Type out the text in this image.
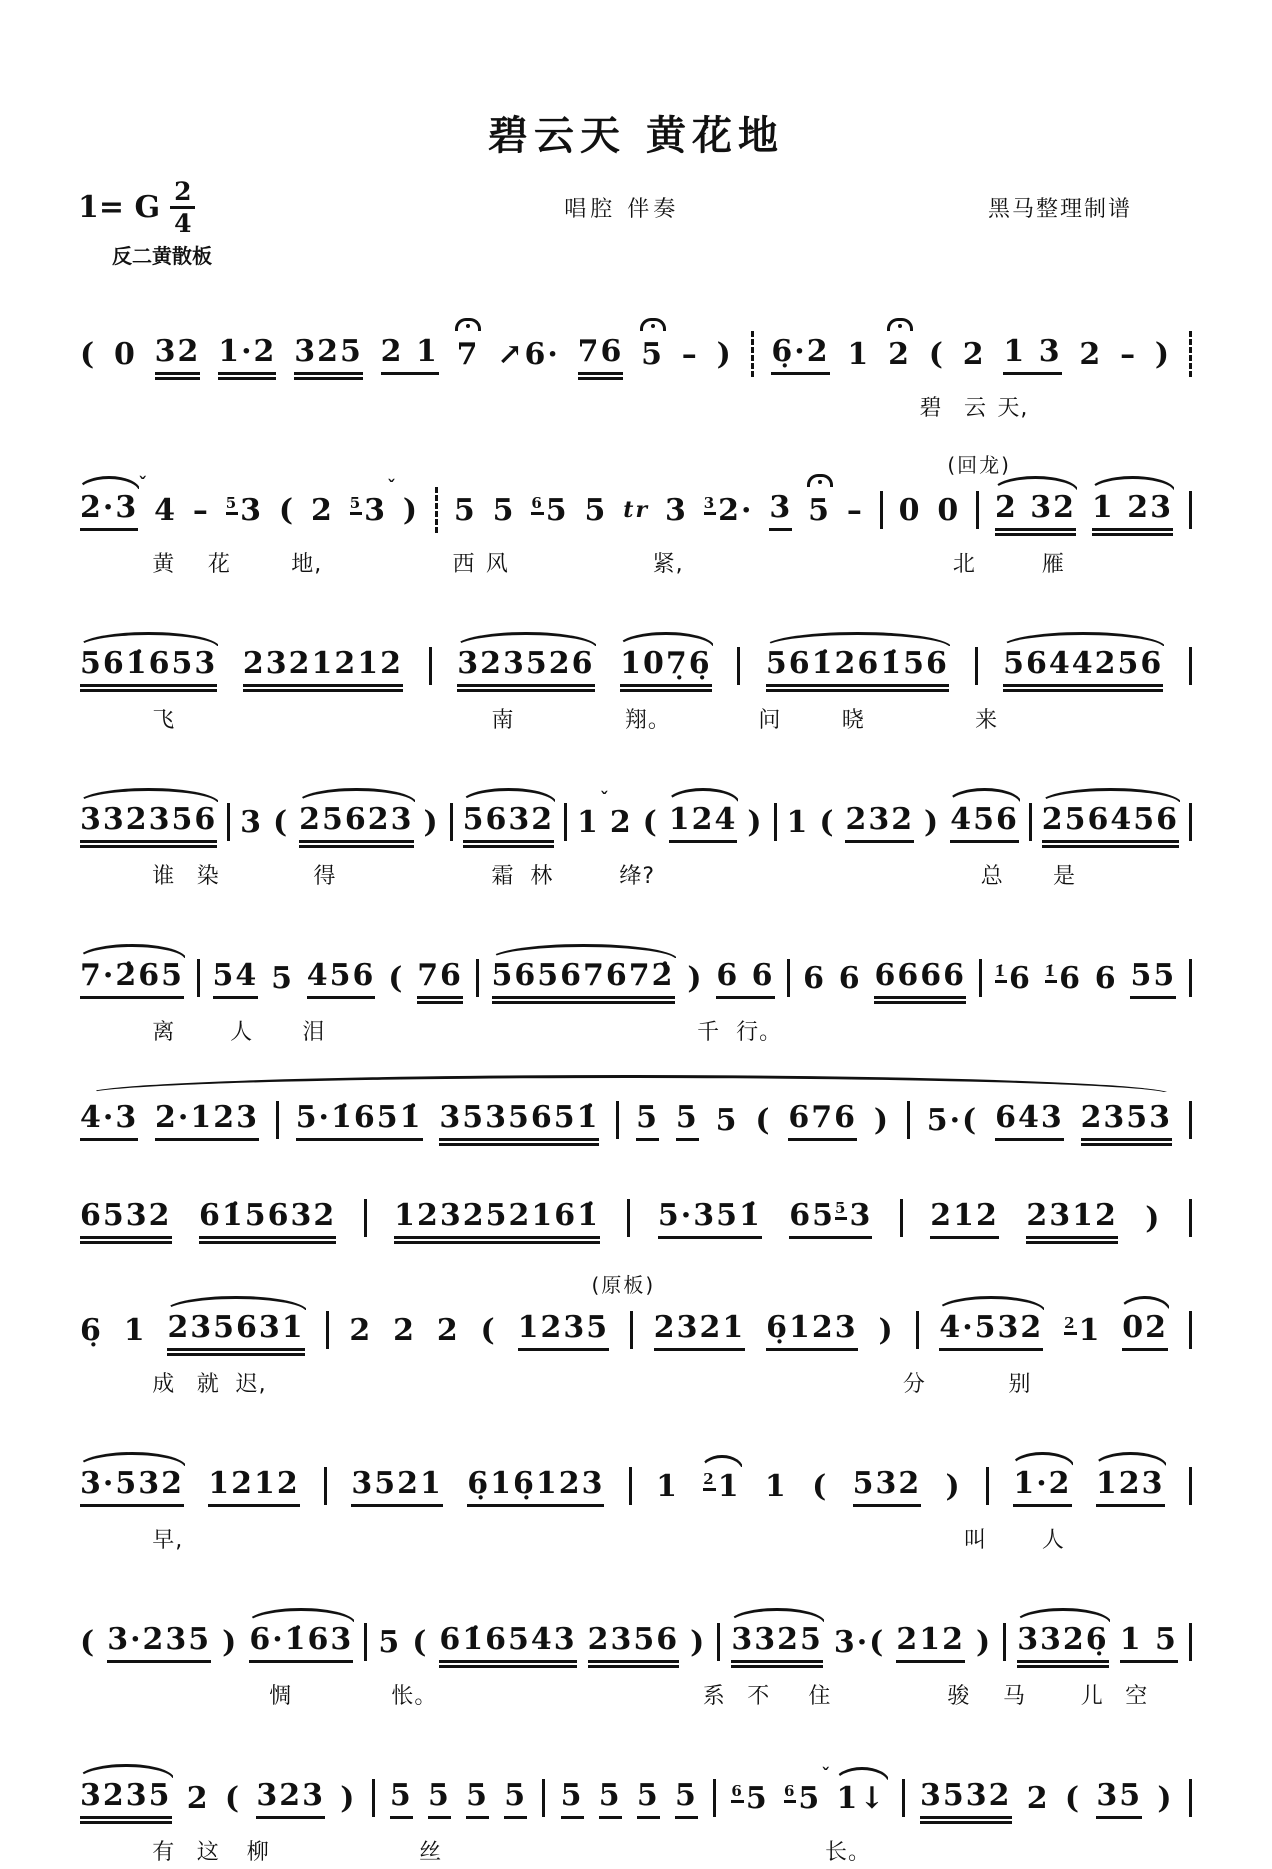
碧云天 黄花地
1= G 2
4	唱腔 伴奏	黑马整理制谱
反二黄散板
( 0 32 1·2 325 2 1 7 ↗6· 76 5 – ) 6̣·2 1 2 ( 2 1 3 2 – )
碧 云 天,
(回龙)
2·3
ˇ
4 – 53 ( 2 53
ˇ
) 5 5 65 5 tr 3 32· 3 5 – 0 0 2 32 1 23
黄 花	地,	西 风	紧,	北	雁
561̇653 2321212 323526 107̣6̣ 561̇261̇56 5644256
飞	南	翔。	问	晓	来
332356 3 ( 25623 ) 5632 1
ˇ
2 ( 124 ) 1 ( 232 ) 456 256456
谁 染	得	霜 林	绛?	总 是
7·2̇65 54 5 456 ( 76 56567672̇ ) 6 6 6 6 6666 1̇6 1̇6 6 55
离 人 泪	千 行。
4·3 2·123 5·1̇651̇ 3535651̇ 5 5 5 ( 676 ) 5·( 643 2353
6532 61̇5632 123252161̇ 5·351̇ 6553 212 2312 )
(原板)
6̣ 1 235631 2 2 2 ( 1235 2321 6̣123 ) 4·532 21 02
成 就 迟,	分	别
3·532 1212 3521 6̣16̣123 1 21 1 ( 532 ) 1·2 123
早,	叫 人
( 3·235 ) 6·1̇63 5 ( 61̇6543 2356 ) 3325 3·( 212 ) 3326̣ 1 5
惆	怅。	系 不 住	骏 马 儿 空
3235 2 ( 323 ) 5 5 5 5 5 5 5 5 65 65
ˇ
1↓ 3532 2 ( 35 )
有 这 柳	丝	长。
